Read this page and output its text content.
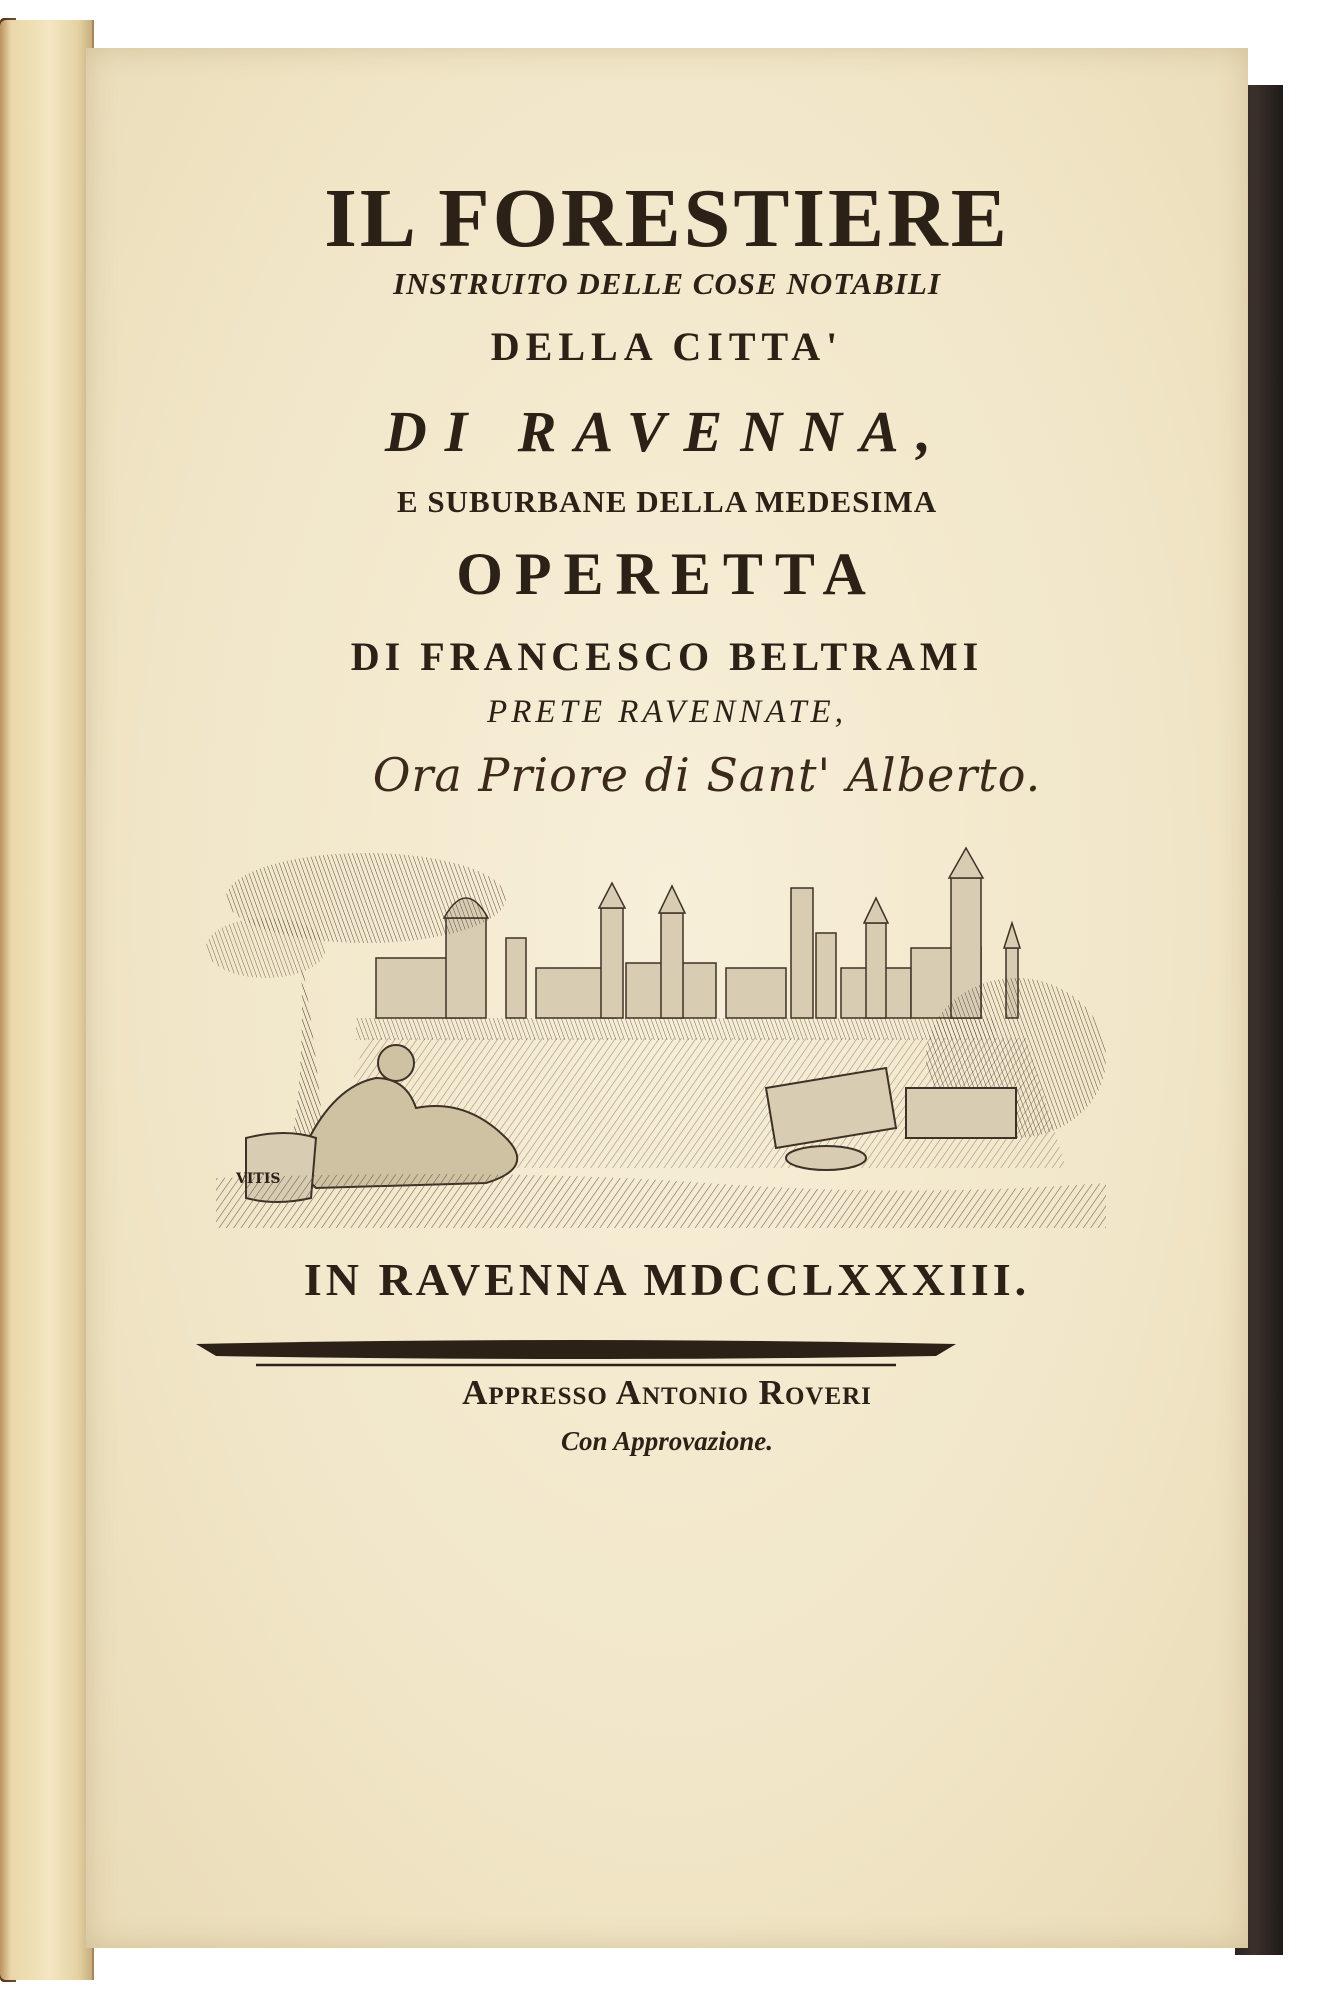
IL FORESTIERE
INSTRUITO DELLE COSE NOTABILI
DELLA CITTA'
DI RAVENNA,
E SUBURBANE DELLA MEDESIMA
OPERETTA
DI FRANCESCO BELTRAMI
PRETE RAVENNATE,
Ora Priore di Sant' Alberto.
VITIS
IN RAVENNA MDCCLXXXIII.
Appresso Antonio Roveri
Con Approvazione.
